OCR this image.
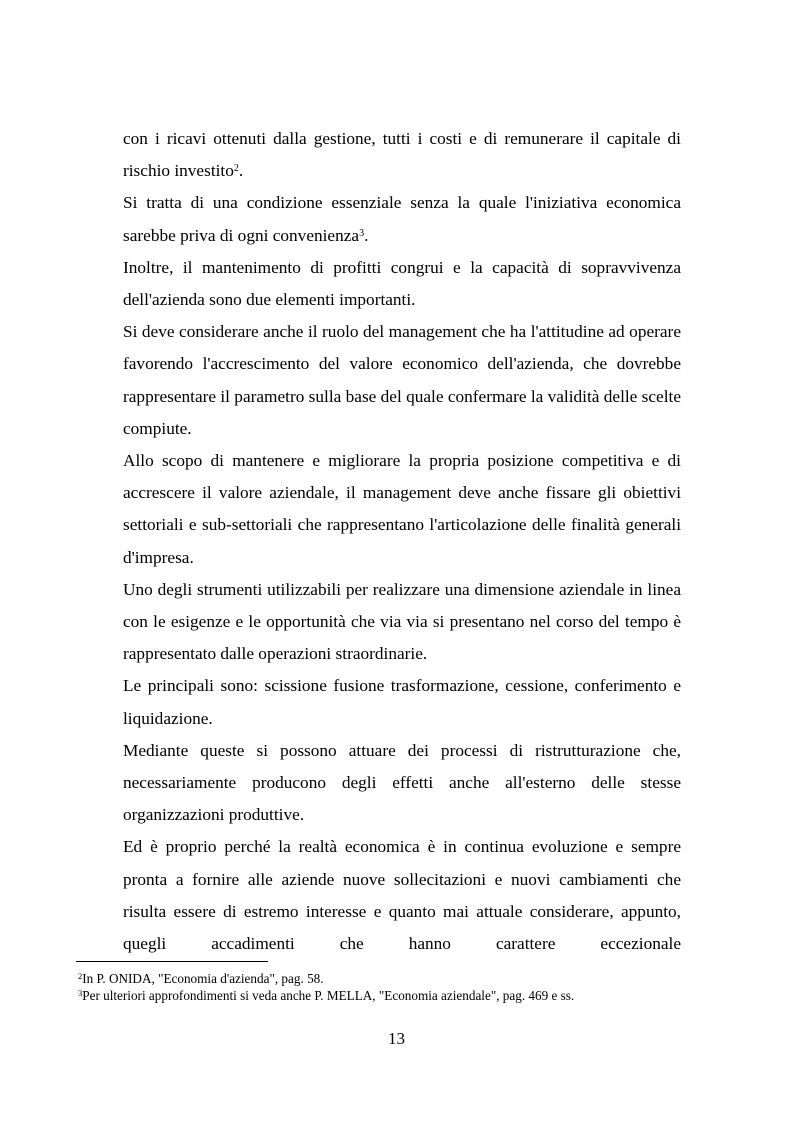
con i ricavi ottenuti dalla gestione, tutti i costi e di remunerare il capitale di rischio investito$^2$.

Si tratta di una condizione essenziale senza la quale l'iniziativa economica sarebbe priva di ogni convenienza$^3$.

Inoltre, il mantenimento di profitti congrui e la capacità di sopravvivenza dell'azienda sono due elementi importanti.

Si deve considerare anche il ruolo del management che ha l'attitudine ad operare favorendo l'accrescimento del valore economico dell'azienda, che dovrebbe rappresentare il parametro sulla base del quale confermare la validità delle scelte compiute.

Allo scopo di mantenere e migliorare la propria posizione competitiva e di accrescere il valore aziendale, il management deve anche fissare gli obiettivi settoriali e sub-settoriali che rappresentano l'articolazione delle finalità generali d'impresa.

Uno degli strumenti utilizzabili per realizzare una dimensione aziendale in linea con le esigenze e le opportunità che via via si presentano nel corso del tempo è rappresentato dalle operazioni straordinarie.

Le principali sono: scissione fusione trasformazione, cessione, conferimento e liquidazione.

Mediante queste si possono attuare dei processi di ristrutturazione che, necessariamente producono degli effetti anche all'esterno delle stesse organizzazioni produttive.

Ed è proprio perché la realtà economica è in continua evoluzione e sempre pronta a fornire alle aziende nuove sollecitazioni e nuovi cambiamenti che risulta essere di estremo interesse e quanto mai attuale considerare, appunto, quegli accadimenti che hanno carattere eccezionale

$^2$In P. ONIDA, "Economia d'azienda", pag. 58.
$^3$Per ulteriori approfondimenti si veda anche P. MELLA, "Economia aziendale", pag. 469 e ss.
13
